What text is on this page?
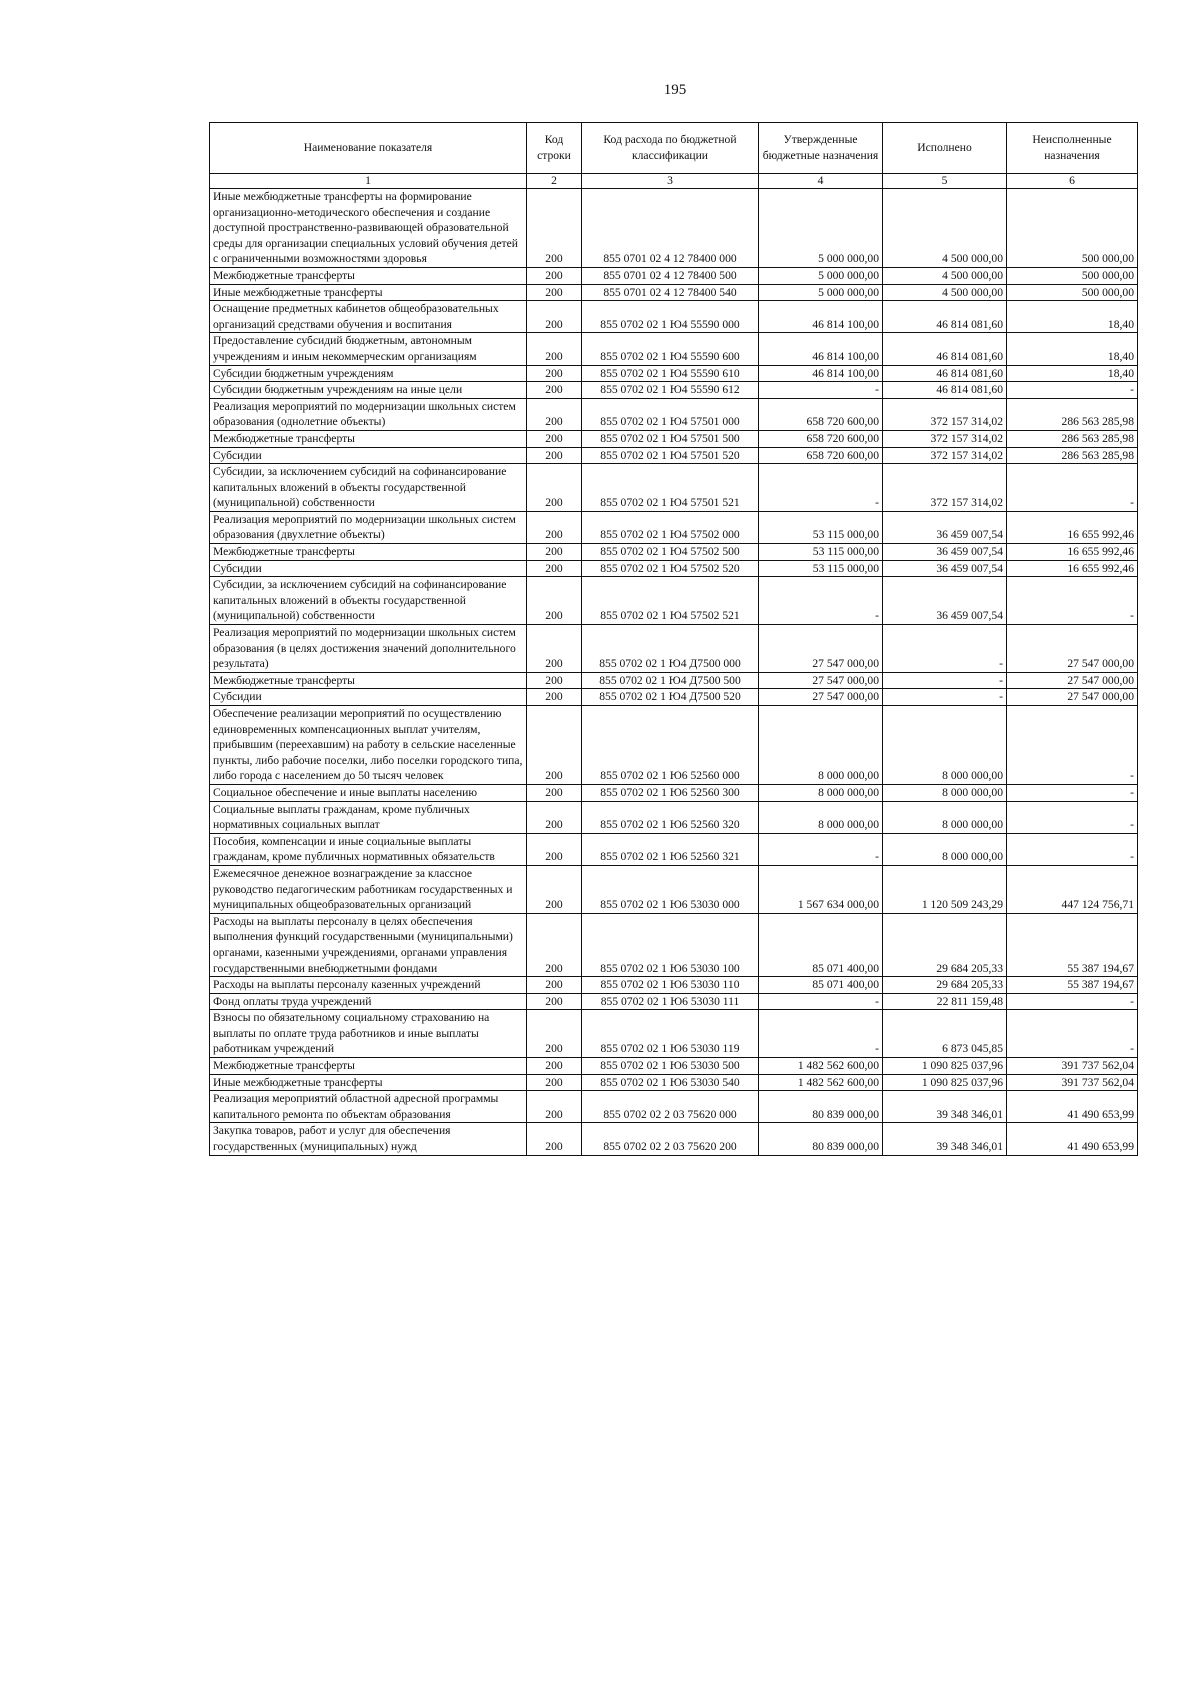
195
Наименование показателя	Код строки	Код расхода по бюджетной классификации	Утвержденные бюджетные назначения	Исполнено	Неисполненные назначения
1	2	3	4	5	6
Иные межбюджетные трансферты на формирование организационно-методического обеспечения и создание доступной пространственно-развивающей образовательной среды для организации специальных условий обучения детей с ограниченными возможностями здоровья	200	855 0701 02 4 12 78400 000	5 000 000,00	4 500 000,00	500 000,00
Межбюджетные трансферты	200	855 0701 02 4 12 78400 500	5 000 000,00	4 500 000,00	500 000,00
Иные межбюджетные трансферты	200	855 0701 02 4 12 78400 540	5 000 000,00	4 500 000,00	500 000,00
Оснащение предметных кабинетов общеобразовательных организаций средствами обучения и воспитания	200	855 0702 02 1 Ю4 55590 000	46 814 100,00	46 814 081,60	18,40
Предоставление субсидий бюджетным, автономным учреждениям и иным некоммерческим организациям	200	855 0702 02 1 Ю4 55590 600	46 814 100,00	46 814 081,60	18,40
Субсидии бюджетным учреждениям	200	855 0702 02 1 Ю4 55590 610	46 814 100,00	46 814 081,60	18,40
Субсидии бюджетным учреждениям на иные цели	200	855 0702 02 1 Ю4 55590 612	-	46 814 081,60	-
Реализация мероприятий по модернизации школьных систем образования (однолетние объекты)	200	855 0702 02 1 Ю4 57501 000	658 720 600,00	372 157 314,02	286 563 285,98
Межбюджетные трансферты	200	855 0702 02 1 Ю4 57501 500	658 720 600,00	372 157 314,02	286 563 285,98
Субсидии	200	855 0702 02 1 Ю4 57501 520	658 720 600,00	372 157 314,02	286 563 285,98
Субсидии, за исключением субсидий на софинансирование капитальных вложений в объекты государственной (муниципальной) собственности	200	855 0702 02 1 Ю4 57501 521	-	372 157 314,02	-
Реализация мероприятий по модернизации школьных систем образования (двухлетние объекты)	200	855 0702 02 1 Ю4 57502 000	53 115 000,00	36 459 007,54	16 655 992,46
Межбюджетные трансферты	200	855 0702 02 1 Ю4 57502 500	53 115 000,00	36 459 007,54	16 655 992,46
Субсидии	200	855 0702 02 1 Ю4 57502 520	53 115 000,00	36 459 007,54	16 655 992,46
Субсидии, за исключением субсидий на софинансирование капитальных вложений в объекты государственной (муниципальной) собственности	200	855 0702 02 1 Ю4 57502 521	-	36 459 007,54	-
Реализация мероприятий по модернизации школьных систем образования (в целях достижения значений дополнительного результата)	200	855 0702 02 1 Ю4 Д7500 000	27 547 000,00	-	27 547 000,00
Межбюджетные трансферты	200	855 0702 02 1 Ю4 Д7500 500	27 547 000,00	-	27 547 000,00
Субсидии	200	855 0702 02 1 Ю4 Д7500 520	27 547 000,00	-	27 547 000,00
Обеспечение реализации мероприятий по осуществлению единовременных компенсационных выплат учителям, прибывшим (переехавшим) на работу в сельские населенные пункты, либо рабочие поселки, либо поселки городского типа, либо города с населением до 50 тысяч человек	200	855 0702 02 1 Ю6 52560 000	8 000 000,00	8 000 000,00	-
Социальное обеспечение и иные выплаты населению	200	855 0702 02 1 Ю6 52560 300	8 000 000,00	8 000 000,00	-
Социальные выплаты гражданам, кроме публичных нормативных социальных выплат	200	855 0702 02 1 Ю6 52560 320	8 000 000,00	8 000 000,00	-
Пособия, компенсации и иные социальные выплаты гражданам, кроме публичных нормативных обязательств	200	855 0702 02 1 Ю6 52560 321	-	8 000 000,00	-
Ежемесячное денежное вознаграждение за классное руководство педагогическим работникам государственных и муниципальных общеобразовательных организаций	200	855 0702 02 1 Ю6 53030 000	1 567 634 000,00	1 120 509 243,29	447 124 756,71
Расходы на выплаты персоналу в целях обеспечения выполнения функций государственными (муниципальными) органами, казенными учреждениями, органами управления государственными внебюджетными фондами	200	855 0702 02 1 Ю6 53030 100	85 071 400,00	29 684 205,33	55 387 194,67
Расходы на выплаты персоналу казенных учреждений	200	855 0702 02 1 Ю6 53030 110	85 071 400,00	29 684 205,33	55 387 194,67
Фонд оплаты труда учреждений	200	855 0702 02 1 Ю6 53030 111	-	22 811 159,48	-
Взносы по обязательному социальному страхованию на выплаты по оплате труда работников и иные выплаты работникам учреждений	200	855 0702 02 1 Ю6 53030 119	-	6 873 045,85	-
Межбюджетные трансферты	200	855 0702 02 1 Ю6 53030 500	1 482 562 600,00	1 090 825 037,96	391 737 562,04
Иные межбюджетные трансферты	200	855 0702 02 1 Ю6 53030 540	1 482 562 600,00	1 090 825 037,96	391 737 562,04
Реализация мероприятий областной адресной программы капитального ремонта по объектам образования	200	855 0702 02 2 03 75620 000	80 839 000,00	39 348 346,01	41 490 653,99
Закупка товаров, работ и услуг для обеспечения государственных (муниципальных) нужд	200	855 0702 02 2 03 75620 200	80 839 000,00	39 348 346,01	41 490 653,99
